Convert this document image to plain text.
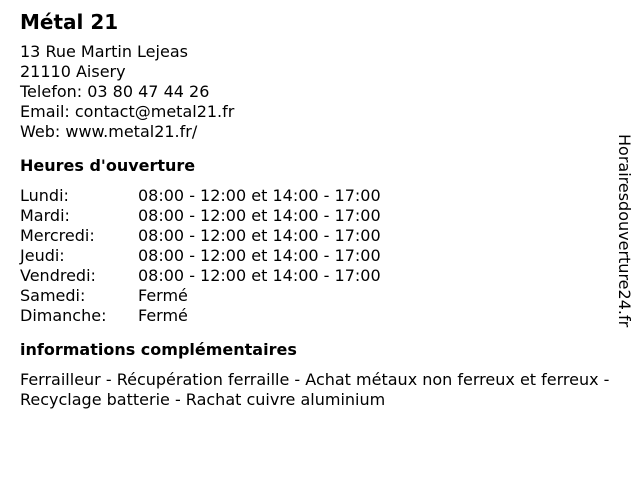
Métal 21
13 Rue Martin Lejeas
21110 Aisery
Telefon: 03 80 47 44 26
Email: contact@metal21.fr
Web: www.metal21.fr/
Heures d'ouverture
Lundi:	08:00 - 12:00 et 14:00 - 17:00
Mardi:	08:00 - 12:00 et 14:00 - 17:00
Mercredi:	08:00 - 12:00 et 14:00 - 17:00
Jeudi:	08:00 - 12:00 et 14:00 - 17:00
Vendredi:	08:00 - 12:00 et 14:00 - 17:00
Samedi:	Fermé
Dimanche:	Fermé
informations complémentaires
Ferrailleur - Récupération ferraille - Achat métaux non ferreux et ferreux - Recyclage batterie - Rachat cuivre aluminium
Horairesdouverture24.fr
